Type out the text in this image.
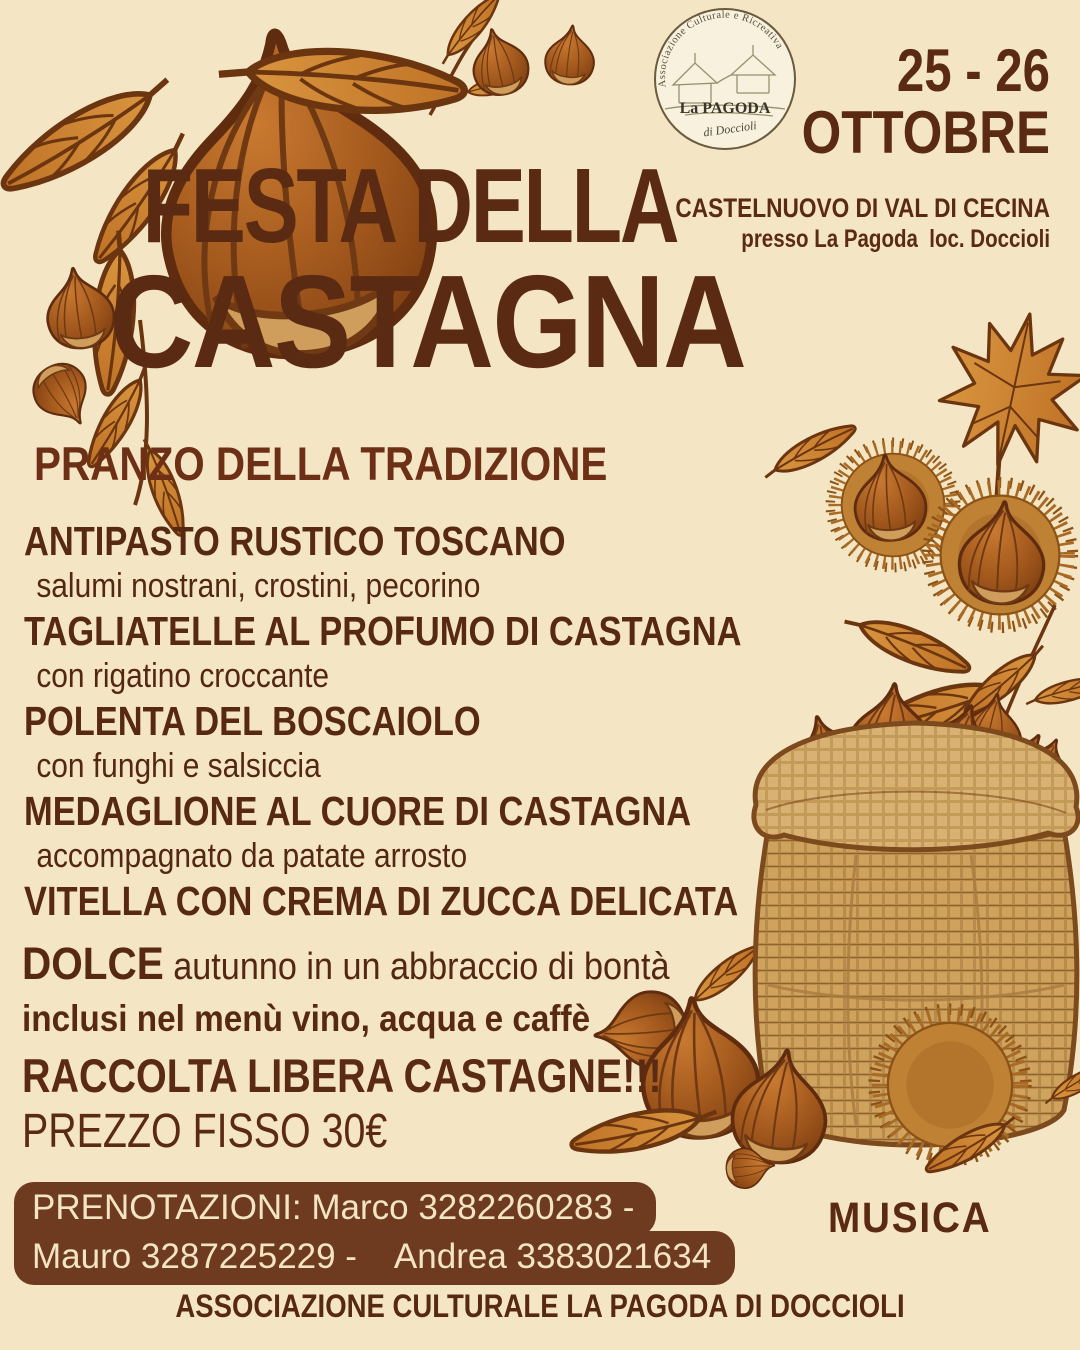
Associazione Culturale e Ricreativa
La PAGODA
di Doccioli
25 - 26
OTTOBRE
CASTELNUOVO DI VAL DI CECINA
presso La Pagoda  loc. Doccioli
FESTA DELLA
CASTAGNA
PRANZO DELLA TRADIZIONE
ANTIPASTO RUSTICO TOSCANO
salumi nostrani, crostini, pecorino
TAGLIATELLE AL PROFUMO DI CASTAGNA
con rigatino croccante
POLENTA DEL BOSCAIOLO
con funghi e salsiccia
MEDAGLIONE AL CUORE DI CASTAGNA
accompagnato da patate arrosto
VITELLA CON CREMA DI ZUCCA DELICATA
DOLCE autunno in un abbraccio di bontà
inclusi nel menù vino, acqua e caffè
RACCOLTA LIBERA CASTAGNE!!!
PREZZO FISSO 30€
PRENOTAZIONI: Marco 3282260283 -
Mauro 3287225229 -    Andrea 3383021634
MUSICA
ASSOCIAZIONE CULTURALE LA PAGODA DI DOCCIOLI
